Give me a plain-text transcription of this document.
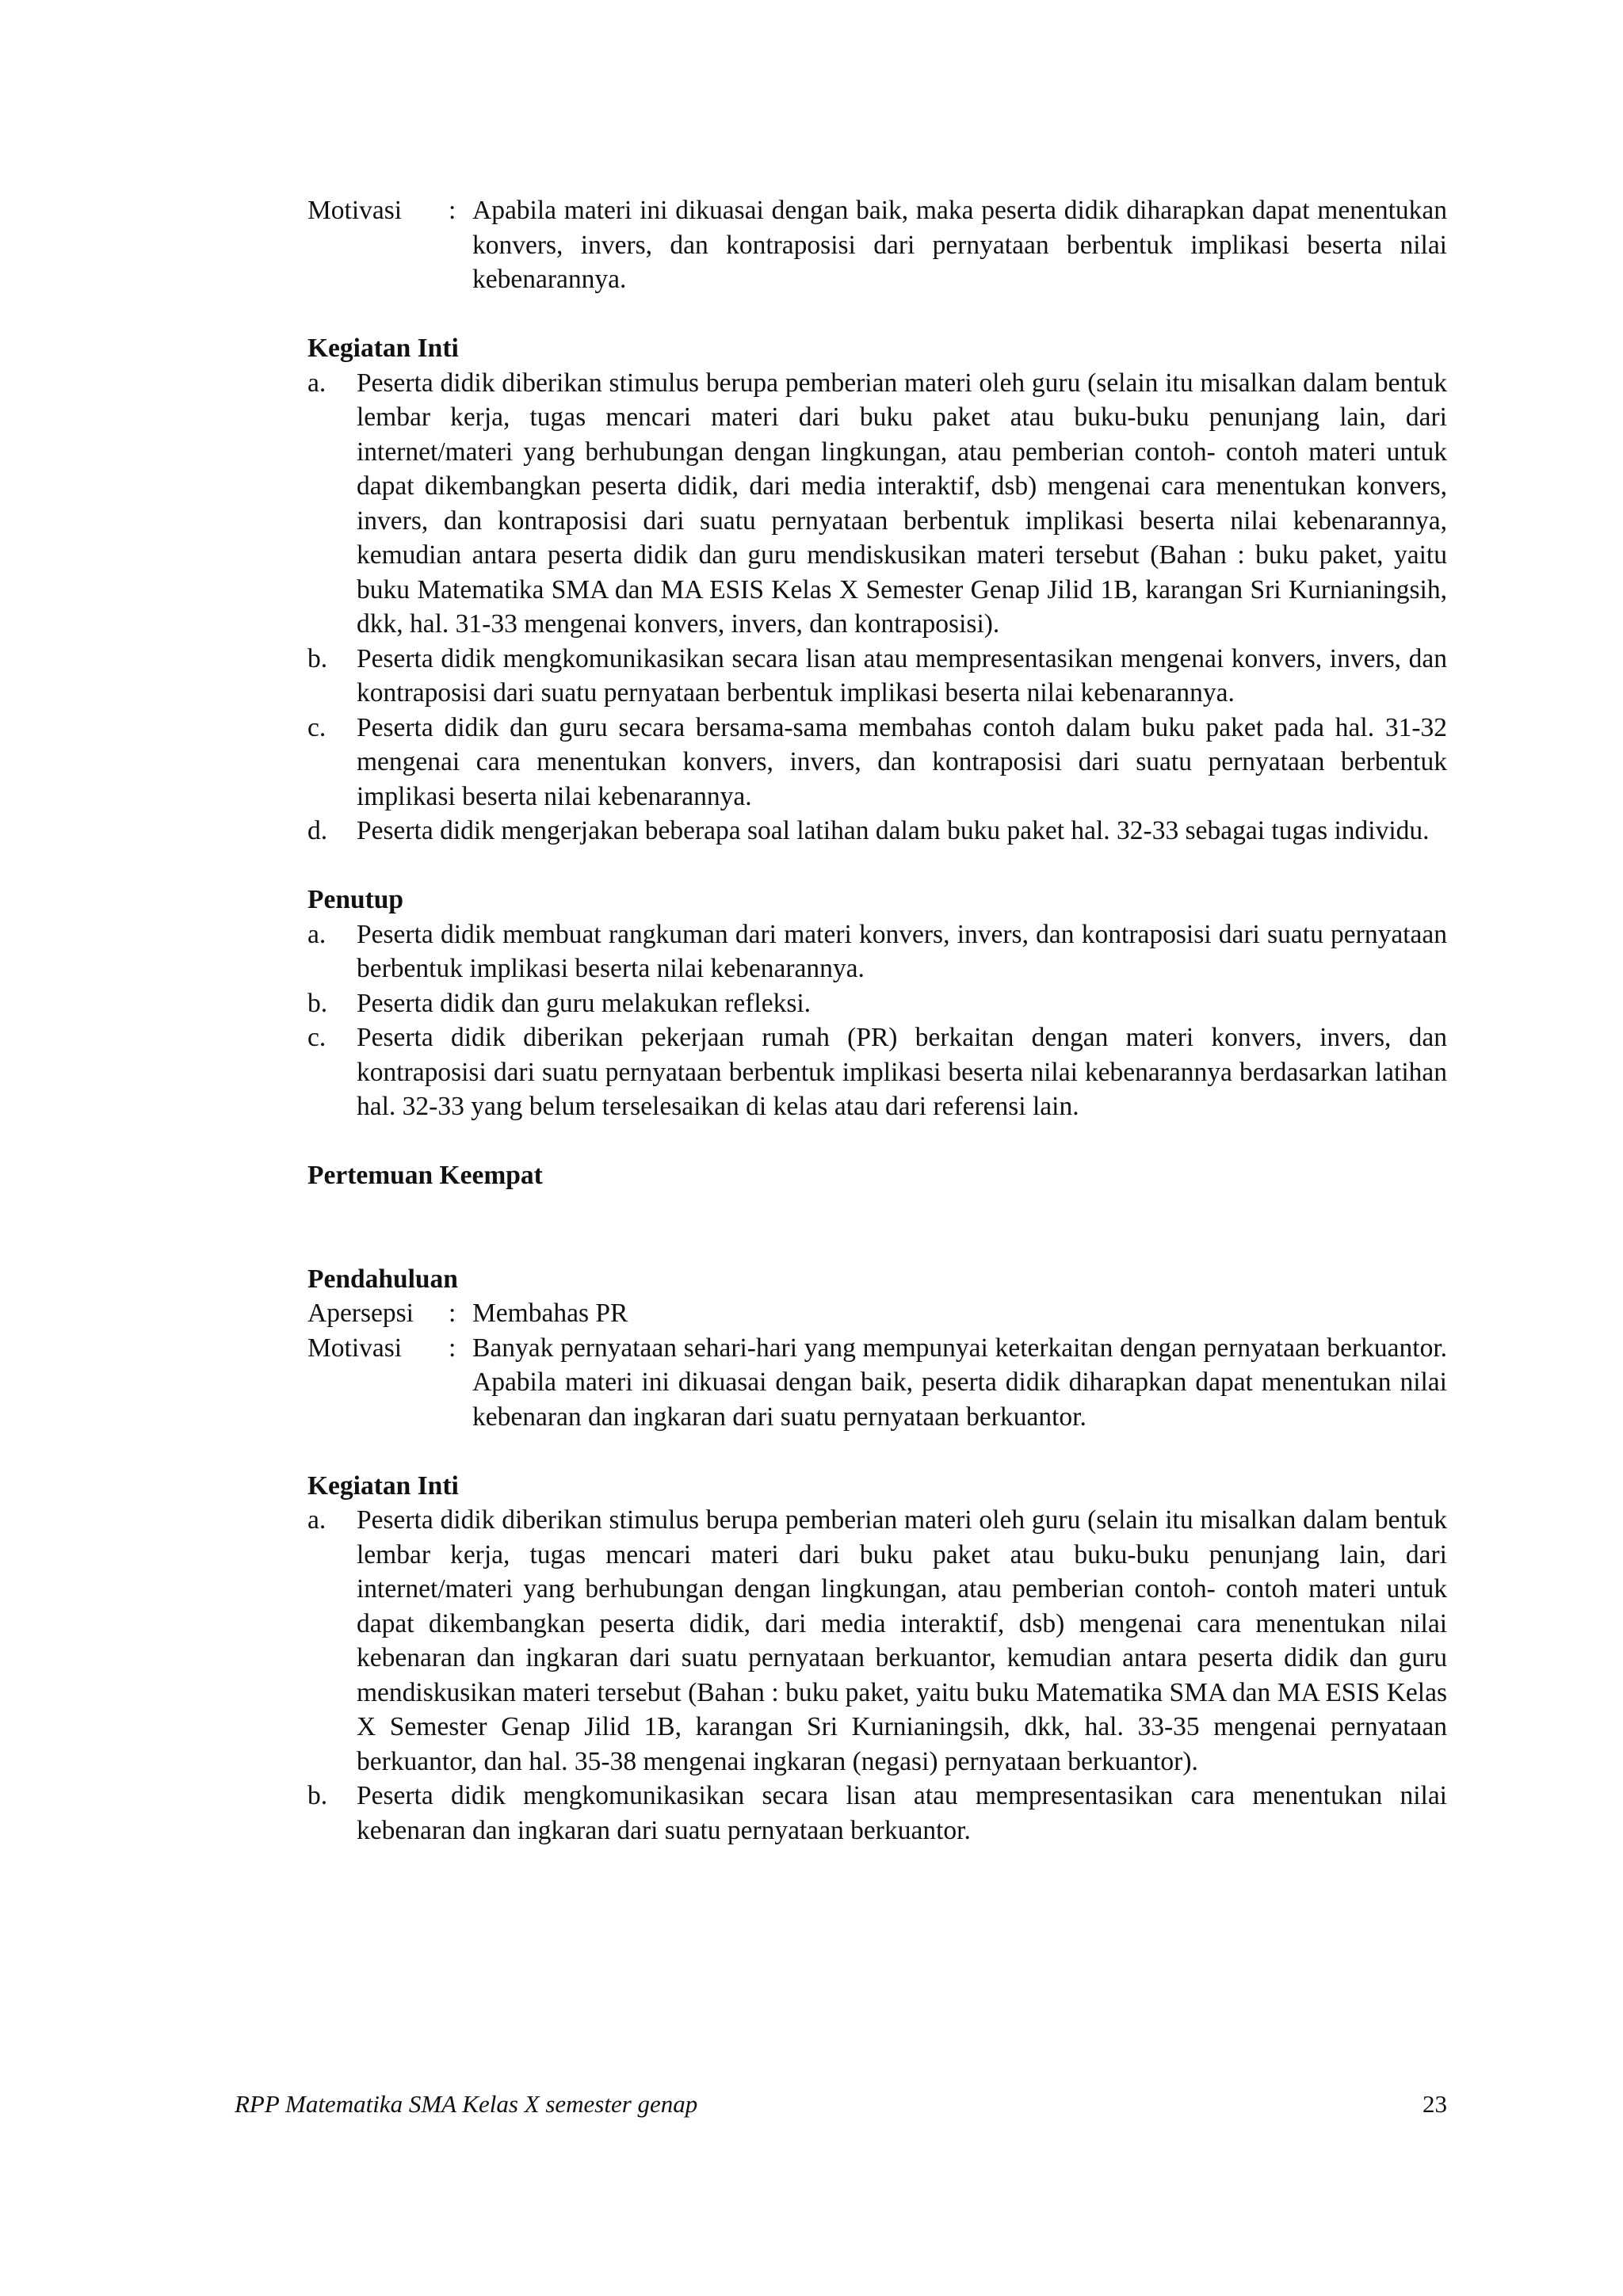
Motivasi	: Apabila materi ini dikuasai dengan baik, maka peserta didik diharapkan dapat menentukan konvers, invers, dan kontraposisi dari pernyataan berbentuk implikasi beserta nilai kebenarannya.

Kegiatan Inti

a.	Peserta didik diberikan stimulus berupa pemberian materi oleh guru (selain itu misalkan dalam bentuk lembar kerja, tugas mencari materi dari buku paket atau buku-buku penunjang lain, dari internet/materi yang berhubungan dengan lingkungan, atau pemberian contoh- contoh materi untuk dapat dikembangkan peserta didik, dari media interaktif, dsb) mengenai cara menentukan konvers, invers, dan kontraposisi dari suatu pernyataan berbentuk implikasi beserta nilai kebenarannya, kemudian antara peserta didik dan guru mendiskusikan materi tersebut (Bahan : buku paket, yaitu buku Matematika SMA dan MA ESIS Kelas X Semester Genap Jilid 1B, karangan Sri Kurnianingsih, dkk, hal. 31-33 mengenai konvers, invers, dan kontraposisi).
b.	Peserta didik mengkomunikasikan secara lisan atau mempresentasikan mengenai konvers, invers, dan kontraposisi dari suatu pernyataan berbentuk implikasi beserta nilai kebenarannya.
c.	Peserta didik dan guru secara bersama-sama membahas contoh dalam buku paket pada hal. 31-32 mengenai cara menentukan konvers, invers, dan kontraposisi dari suatu pernyataan berbentuk implikasi beserta nilai kebenarannya.
d.	Peserta didik mengerjakan beberapa soal latihan dalam buku paket hal. 32-33 sebagai tugas individu.

Penutup

a.	Peserta didik membuat rangkuman dari materi konvers, invers, dan kontraposisi dari suatu pernyataan berbentuk implikasi beserta nilai kebenarannya.
b.	Peserta didik dan guru melakukan refleksi.
c.	Peserta didik diberikan pekerjaan rumah (PR) berkaitan dengan materi konvers, invers, dan kontraposisi dari suatu pernyataan berbentuk implikasi beserta nilai kebenarannya berdasarkan latihan hal. 32-33 yang belum terselesaikan di kelas atau dari referensi lain.

Pertemuan Keempat

Pendahuluan

Apersepsi	: Membahas PR
Motivasi	: Banyak pernyataan sehari-hari yang mempunyai keterkaitan dengan pernyataan berkuantor. Apabila materi ini dikuasai dengan baik, peserta didik diharapkan dapat menentukan nilai kebenaran dan ingkaran dari suatu pernyataan berkuantor.

Kegiatan Inti

a.	Peserta didik diberikan stimulus berupa pemberian materi oleh guru (selain itu misalkan dalam bentuk lembar kerja, tugas mencari materi dari buku paket atau buku-buku penunjang lain, dari internet/materi yang berhubungan dengan lingkungan, atau pemberian contoh- contoh materi untuk dapat dikembangkan peserta didik, dari media interaktif, dsb) mengenai cara menentukan nilai kebenaran dan ingkaran dari suatu pernyataan berkuantor, kemudian antara peserta didik dan guru mendiskusikan materi tersebut (Bahan : buku paket, yaitu buku Matematika SMA dan MA ESIS Kelas X Semester Genap Jilid 1B, karangan Sri Kurnianingsih, dkk, hal. 33-35 mengenai pernyataan berkuantor, dan hal. 35-38 mengenai ingkaran (negasi) pernyataan berkuantor).
b.	Peserta didik mengkomunikasikan secara lisan atau mempresentasikan cara menentukan nilai kebenaran dan ingkaran dari suatu pernyataan berkuantor.
RPP Matematika SMA Kelas X semester genap	23
